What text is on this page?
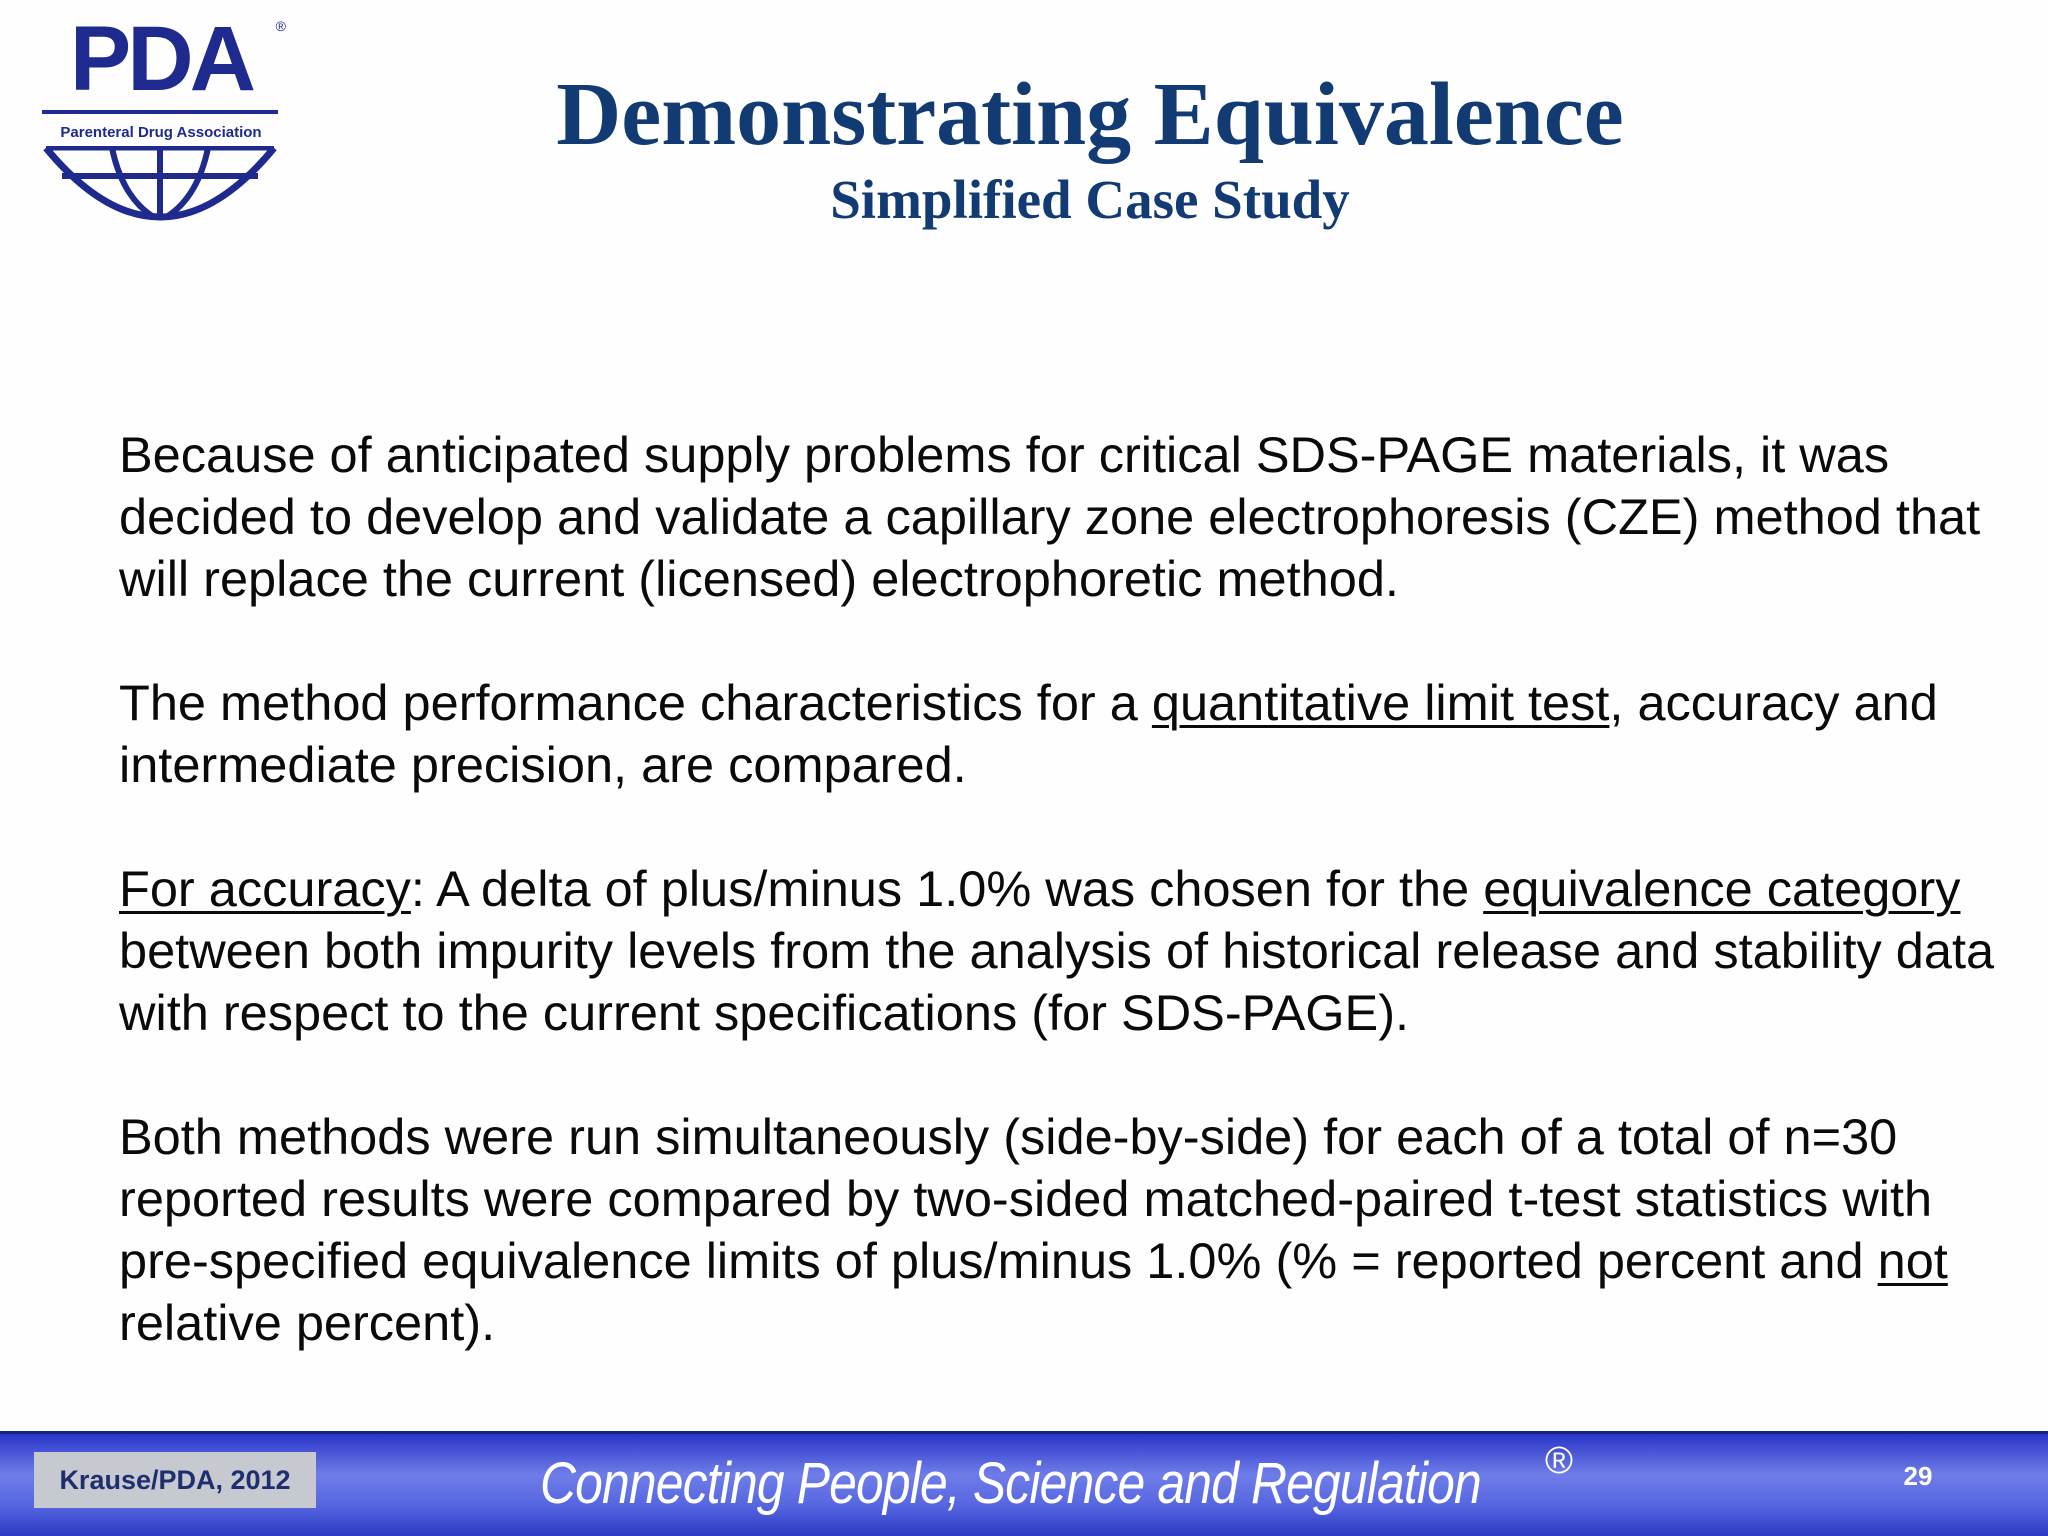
PDA	®
Parenteral Drug Association	Demonstrating Equivalence
Simplified Case Study

Because of anticipated supply problems for critical SDS-PAGE materials, it was decided to develop and validate a capillary zone electrophoresis (CZE) method that will replace the current (licensed) electrophoretic method.

The method performance characteristics for a quantitative limit test, accuracy and intermediate precision, are compared.

For accuracy: A delta of plus/minus 1.0% was chosen for the equivalence category between both impurity levels from the analysis of historical release and stability data with respect to the current specifications (for SDS-PAGE).

Both methods were run simultaneously (side-by-side) for each of a total of n=30 reported results were compared by two-sided matched-paired t-test statistics with pre-specified equivalence limits of plus/minus 1.0% (% = reported percent and not relative percent).

Krause/PDA, 2012	Connecting People, Science and Regulation ®	29
